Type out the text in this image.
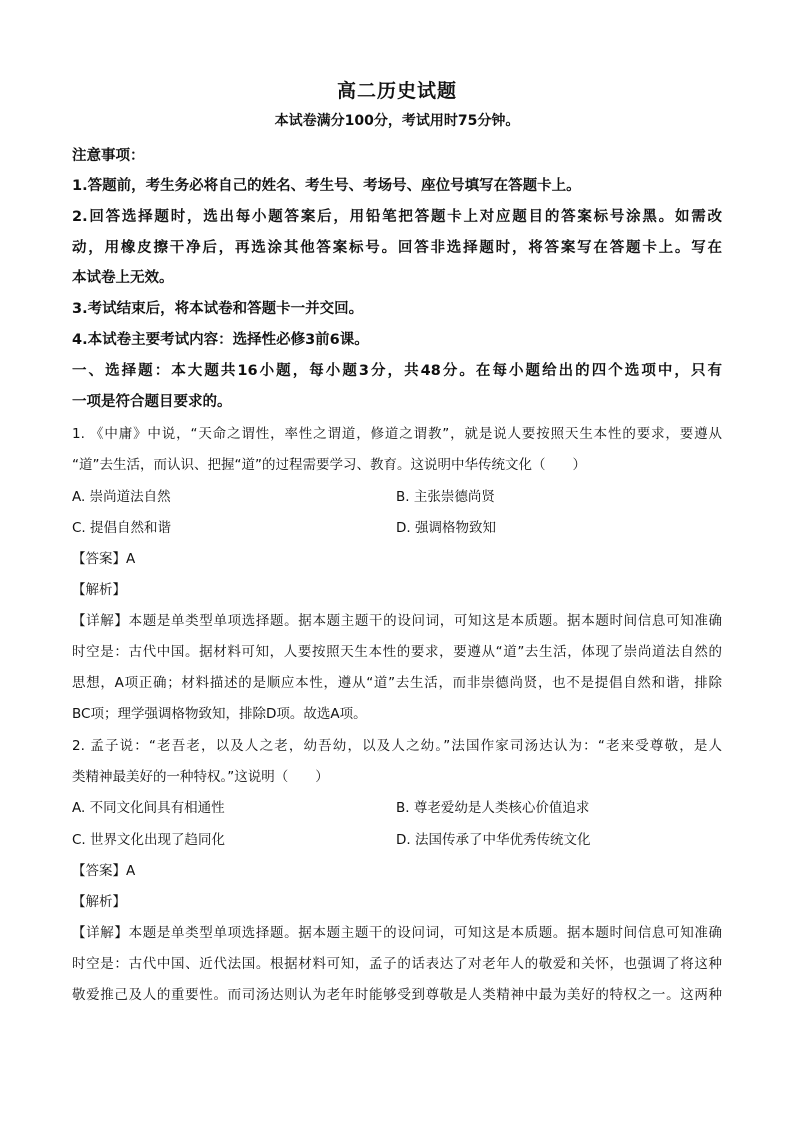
高二历史试题
本试卷满分100分，考试用时75分钟。
注意事项：
1.答题前，考生务必将自己的姓名、考生号、考场号、座位号填写在答题卡上。
2.回答选择题时，选出每小题答案后，用铅笔把答题卡上对应题目的答案标号涂黑。如需改
动，用橡皮擦干净后，再选涂其他答案标号。回答非选择题时，将答案写在答题卡上。写在
本试卷上无效。
3.考试结束后，将本试卷和答题卡一并交回。
4.本试卷主要考试内容：选择性必修3前6课。
一、选择题：本大题共16小题，每小题3分，共48分。在每小题给出的四个选项中，只有
一项是符合题目要求的。
1. 《中庸》中说，“天命之谓性，率性之谓道，修道之谓教”，就是说人要按照天生本性的要求，要遵从
“道”去生活，而认识、把握“道”的过程需要学习、教育。这说明中华传统文化（　　）
A. 崇尚道法自然	B. 主张崇德尚贤
C. 提倡自然和谐	D. 强调格物致知
【答案】A
【解析】
【详解】本题是单类型单项选择题。据本题主题干的设问词，可知这是本质题。据本题时间信息可知准确
时空是：古代中国。据材料可知，人要按照天生本性的要求，要遵从“道”去生活，体现了崇尚道法自然的
思想，A项正确；材料描述的是顺应本性，遵从“道”去生活，而非崇德尚贤，也不是提倡自然和谐，排除
BC项；理学强调格物致知，排除D项。故选A项。
2. 孟子说：“老吾老，以及人之老，幼吾幼，以及人之幼。”法国作家司汤达认为：“老来受尊敬，是人
类精神最美好的一种特权。”这说明（　　）
A. 不同文化间具有相通性	B. 尊老爱幼是人类核心价值追求
C. 世界文化出现了趋同化	D. 法国传承了中华优秀传统文化
【答案】A
【解析】
【详解】本题是单类型单项选择题。据本题主题干的设问词，可知这是本质题。据本题时间信息可知准确
时空是：古代中国、近代法国。根据材料可知，孟子的话表达了对老年人的敬爱和关怀，也强调了将这种
敬爱推己及人的重要性。而司汤达则认为老年时能够受到尊敬是人类精神中最为美好的特权之一。这两种
